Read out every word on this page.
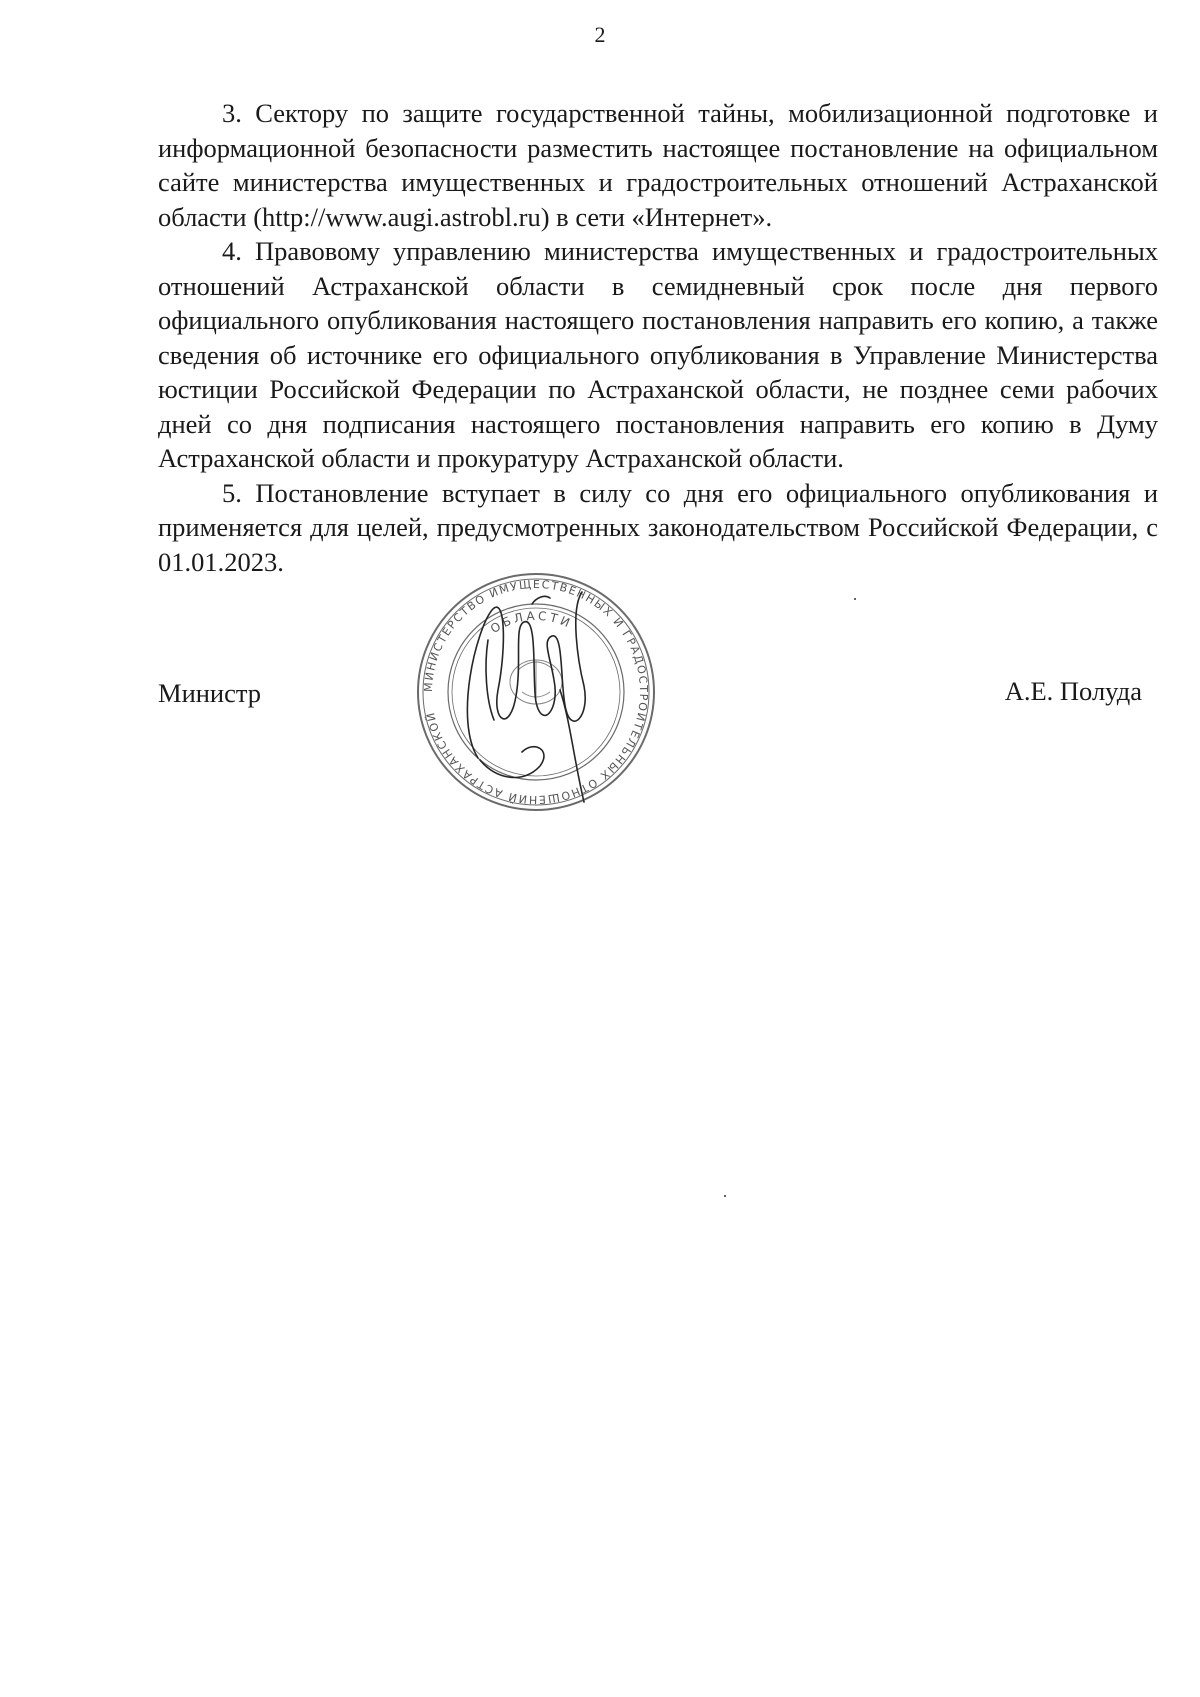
2

3. Сектору по защите государственной тайны, мобилизационной подготовке и информационной безопасности разместить настоящее постановление на официальном сайте министерства имущественных и градостроительных отношений Астраханской области (http://www.augi.astrobl.ru) в сети «Интернет».

4. Правовому управлению министерства имущественных и градостроительных отношений Астраханской области в семидневный срок после дня первого официального опубликования настоящего постановления направить его копию, а также сведения об источнике его официального опубликования в Управление Министерства юстиции Российской Федерации по Астраханской области, не позднее семи рабочих дней со дня подписания настоящего постановления направить его копию в Думу Астраханской области и прокуратуру Астраханской области.

5. Постановление вступает в силу со дня его официального опубликования и применяется для целей, предусмотренных законодательством Российской Федерации, с 01.01.2023.

Министр	А.Е. Полуда
МИНИСТЕРСТВО ИМУЩЕСТВЕННЫХ И ГРАДОСТРОИТЕЛЬНЫХ ОТНОШЕНИЙ АСТРАХАНСКОЙ
ОБЛАСТИ
